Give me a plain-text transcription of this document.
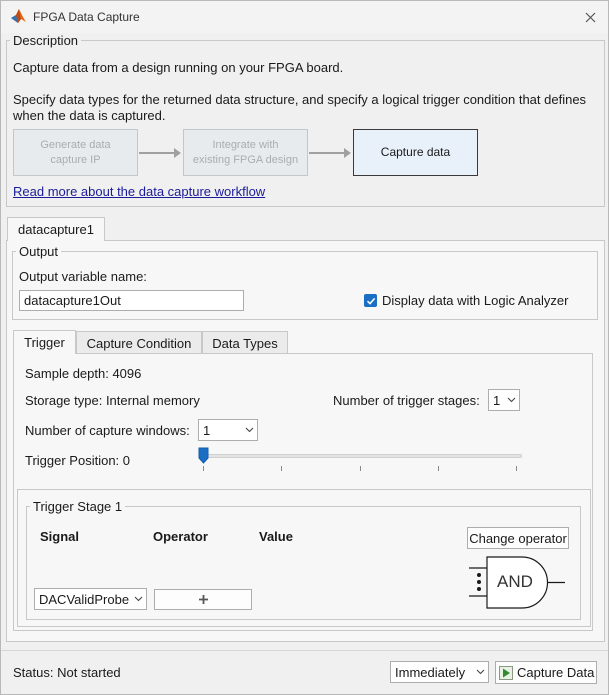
FPGA Data Capture
Description
Capture data from a design running on your FPGA board.
Specify data types for the returned data structure, and specify a logical trigger condition that defines
when the data is captured.
Generate data
capture IP
Integrate with
existing FPGA design
Capture data
Read more about the data capture workflow
datacapture1
Output
Output variable name:
datacapture1Out
Display data with Logic Analyzer
Trigger Capture Condition Data Types
Sample depth: 4096
Storage type: Internal memory	Number of trigger stages: 1
Number of capture windows: 1
Trigger Position: 0
Trigger Stage 1
Signal	Operator	Value	Change operator
DACValidProbe
AND
Status: Not started	Immediately	Capture Data
